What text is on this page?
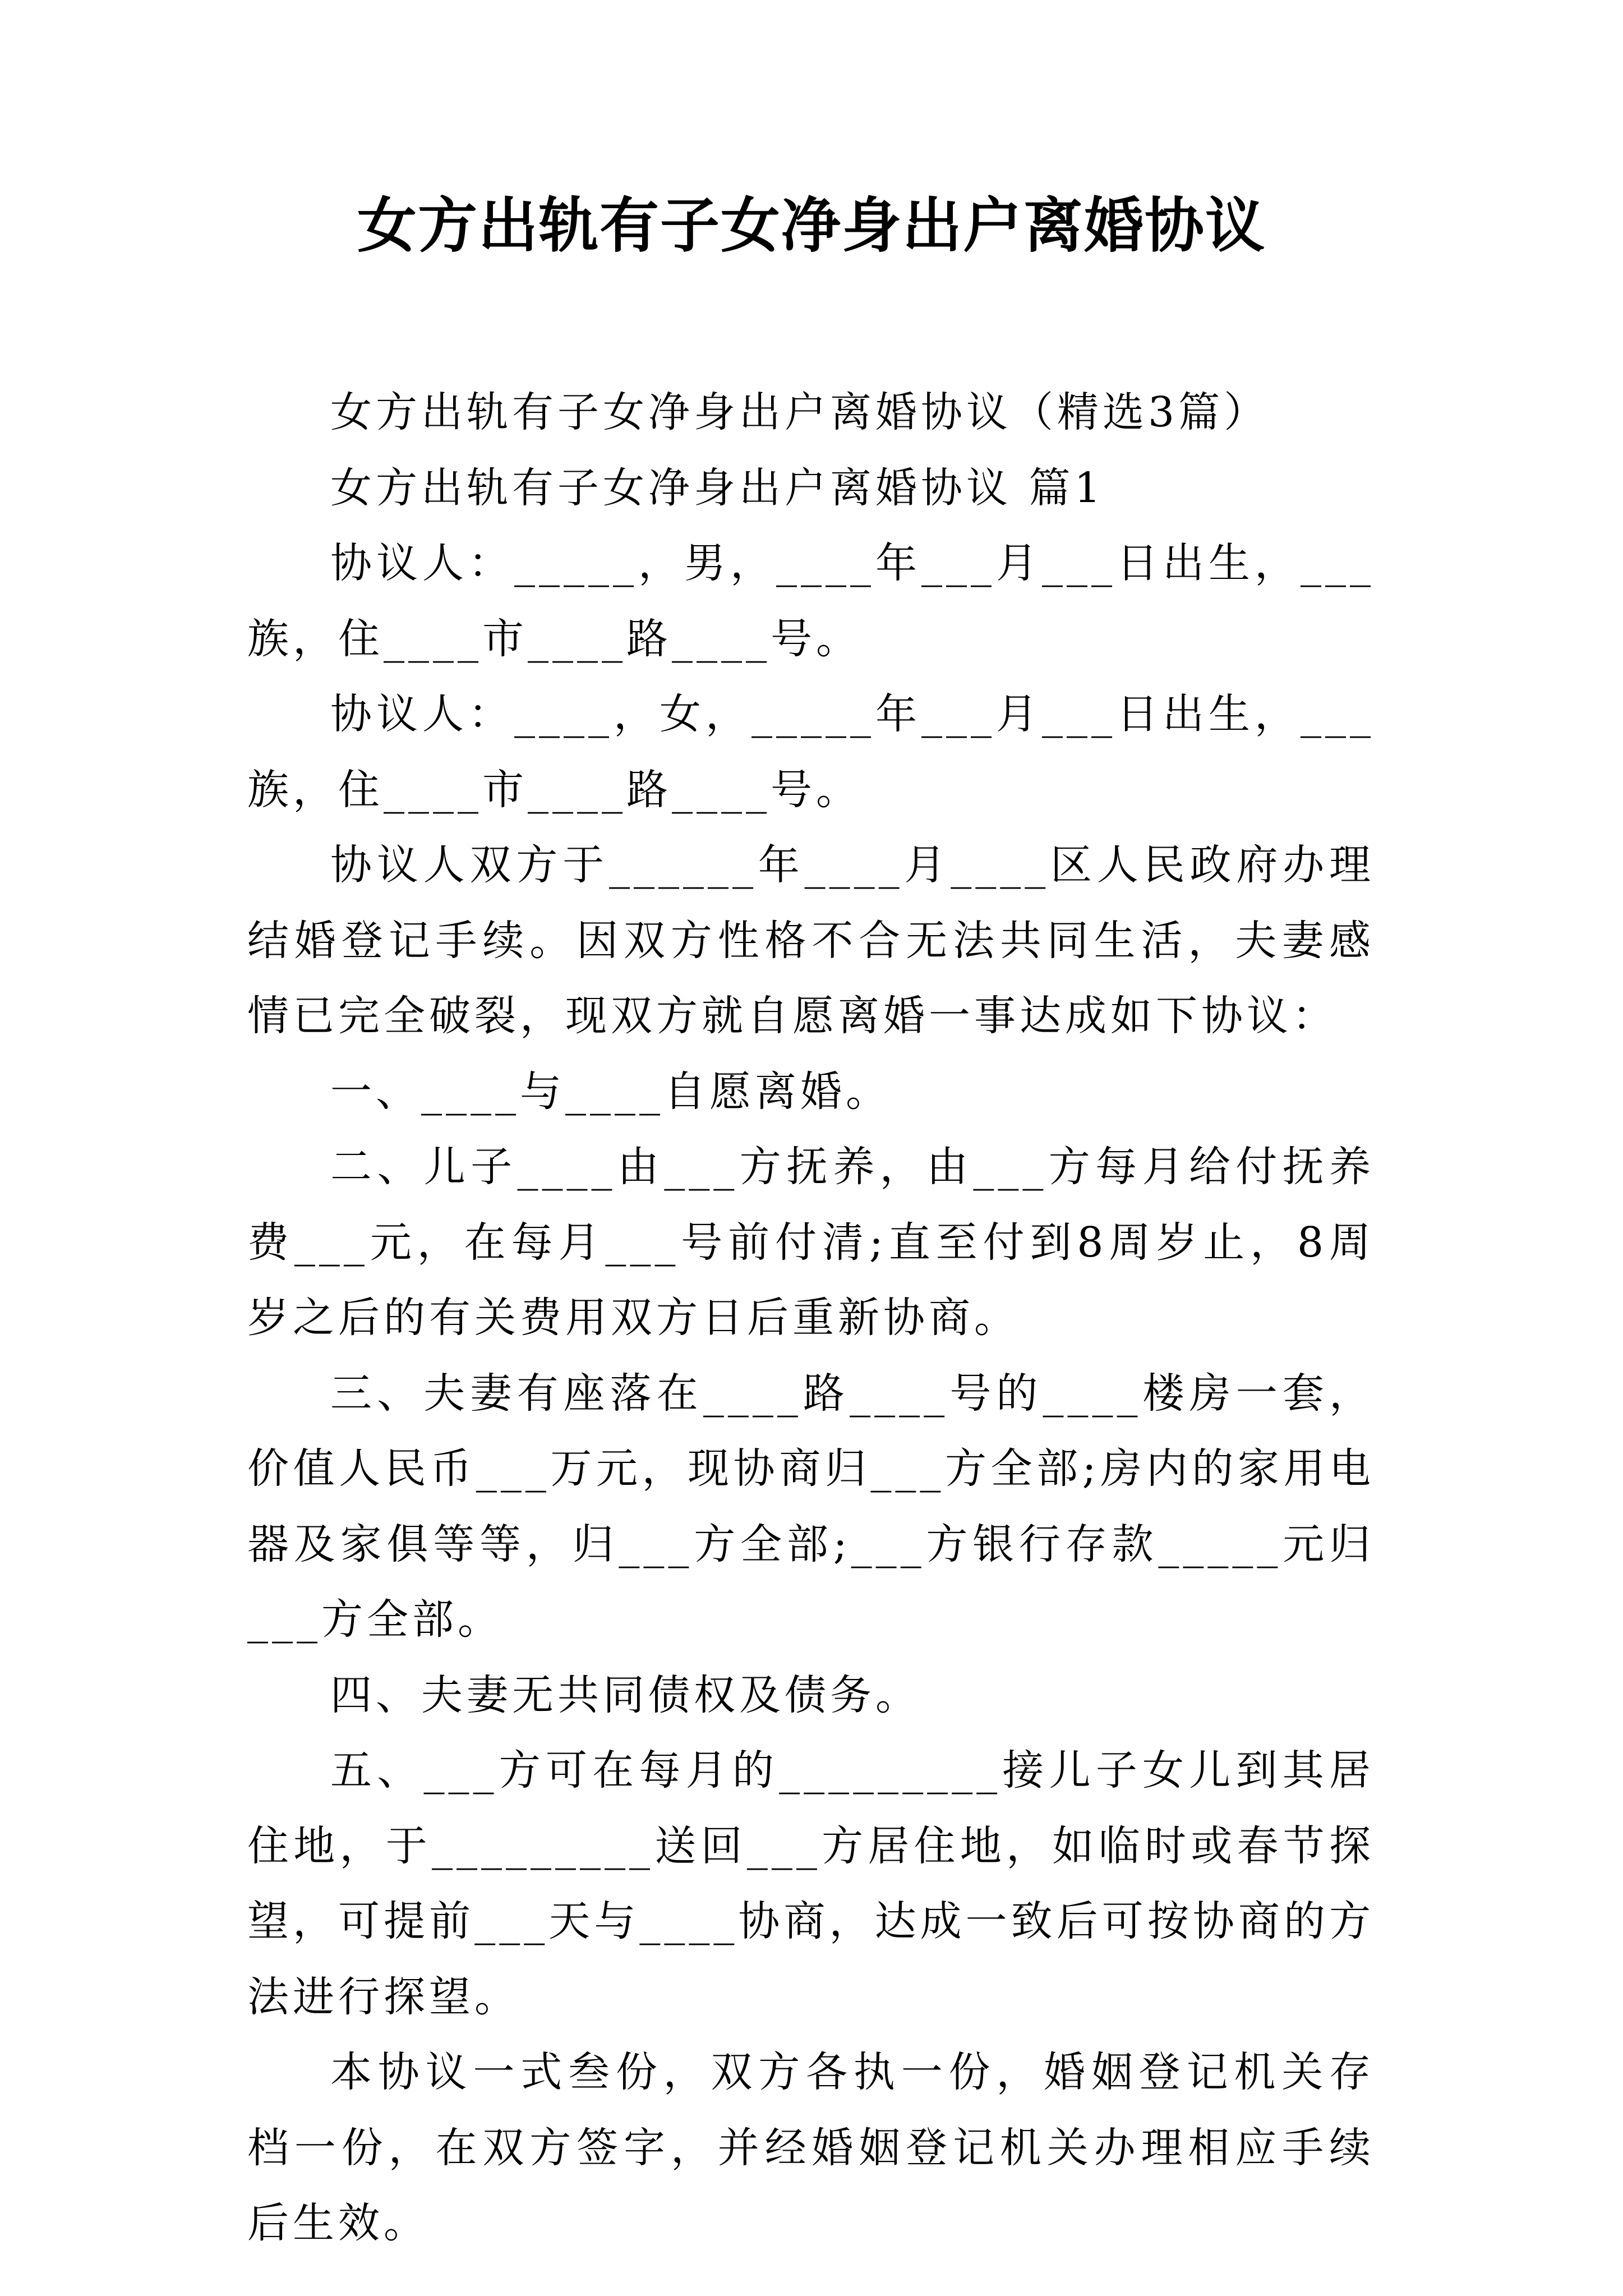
女方出轨有子女净身出户离婚协议

女方出轨有子女净身出户离婚协议（精选3篇）

女方出轨有子女净身出户离婚协议 篇1

协议人：_____，男，____年___月___日出生，___族，住____市____路____号。

协议人：____，女，_____年___月___日出生，___族，住____市____路____号。

协议人双方于______年____月____区人民政府办理结婚登记手续。因双方性格不合无法共同生活，夫妻感情已完全破裂，现双方就自愿离婚一事达成如下协议：

一、____与____自愿离婚。

二、儿子____由___方抚养，由___方每月给付抚养费___元，在每月___号前付清;直至付到8周岁止，8周岁之后的有关费用双方日后重新协商。

三、夫妻有座落在____路____号的____楼房一套，价值人民币___万元，现协商归___方全部;房内的家用电器及家俱等等，归___方全部;___方银行存款_____元归___方全部。

四、夫妻无共同债权及债务。

五、___方可在每月的_________接儿子女儿到其居住地，于_________送回___方居住地，如临时或春节探望，可提前___天与____协商，达成一致后可按协商的方法进行探望。

本协议一式叁份，双方各执一份，婚姻登记机关存档一份，在双方签字，并经婚姻登记机关办理相应手续后生效。
